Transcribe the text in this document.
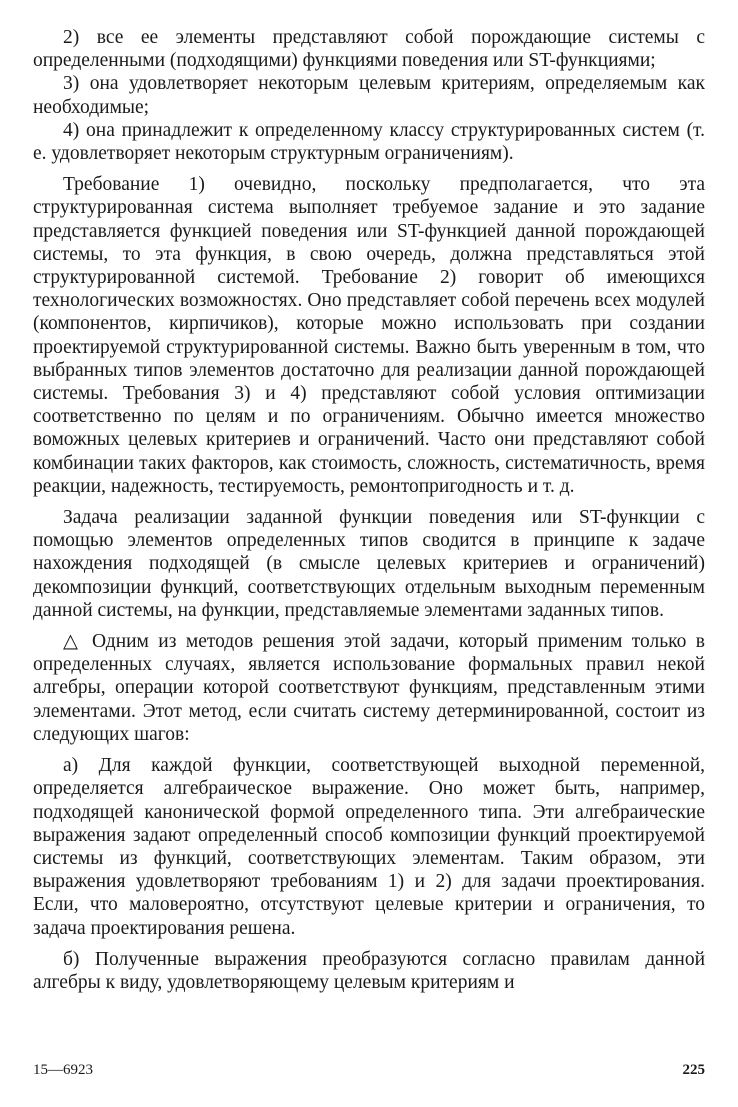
2) все ее элементы представляют собой порождающие системы с определенными (подходящими) функциями поведения или ST-функциями;

3) она удовлетворяет некоторым целевым критериям, определяемым как необходимые;

4) она принадлежит к определенному классу структурированных систем (т. е. удовлетворяет некоторым структурным ограничениям).

Требование 1) очевидно, поскольку предполагается, что эта структурированная система выполняет требуемое задание и это задание представляется функцией поведения или ST-функцией данной порождающей системы, то эта функция, в свою очередь, должна представляться этой структурированной системой. Требование 2) говорит об имеющихся технологических возможностях. Оно представляет собой перечень всех модулей (компонентов, кирпичиков), которые можно использовать при создании проектируемой структурированной системы. Важно быть уверенным в том, что выбранных типов элементов достаточно для реализации данной порождающей системы. Требования 3) и 4) представляют собой условия оптимизации соответственно по целям и по ограничениям. Обычно имеется множество воможных целевых критериев и ограничений. Часто они представляют собой комбинации таких факторов, как стоимость, сложность, систематичность, время реакции, надежность, тестируемость, ремонтопригодность и т. д.

Задача реализации заданной функции поведения или ST-функции с помощью элементов определенных типов сводится в принципе к задаче нахождения подходящей (в смысле целевых критериев и ограничений) декомпозиции функций, соответствующих отдельным выходным переменным данной системы, на функции, представляемые элементами заданных типов.

△ Одним из методов решения этой задачи, который применим только в определенных случаях, является использование формальных правил некой алгебры, операции которой соответствуют функциям, представленным этими элементами. Этот метод, если считать систему детерминированной, состоит из следующих шагов:

а) Для каждой функции, соответствующей выходной переменной, определяется алгебраическое выражение. Оно может быть, например, подходящей канонической формой определенного типа. Эти алгебраические выражения задают определенный способ композиции функций проектируемой системы из функций, соответствующих элементам. Таким образом, эти выражения удовлетворяют требованиям 1) и 2) для задачи проектирования. Если, что маловероятно, отсутствуют целевые критерии и ограничения, то задача проектирования решена.

б) Полученные выражения преобразуются согласно правилам данной алгебры к виду, удовлетворяющему целевым критериям и

15—6923	225
